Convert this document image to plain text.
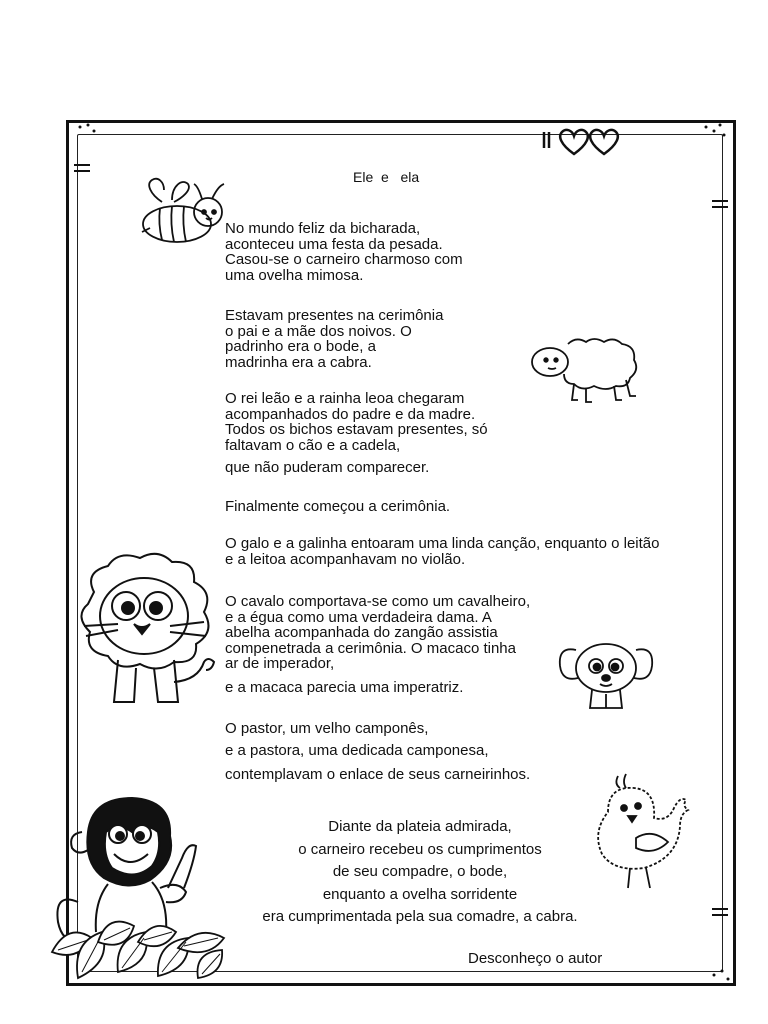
Ele  e   ela
No mundo feliz da bicharada,
aconteceu uma festa da pesada.
Casou-se o carneiro charmoso com
uma ovelha mimosa.
Estavam presentes na cerimônia
o pai e a mãe dos noivos. O
padrinho era o bode, a
madrinha era a cabra.
O rei leão e a rainha leoa chegaram
acompanhados do padre e da madre.
Todos os bichos estavam presentes, só
faltavam o cão e a cadela,
que não puderam comparecer.
Finalmente começou a cerimônia.
O galo e a galinha entoaram uma linda canção, enquanto o leitão
e a leitoa acompanhavam no violão.
O cavalo comportava-se como um cavalheiro,
e a égua como uma verdadeira dama. A
abelha acompanhada do zangão assistia
compenetrada a cerimônia. O macaco tinha
ar de imperador,
e a macaca parecia uma imperatriz.
O pastor, um velho camponês,
e a pastora, uma dedicada camponesa,
contemplavam o enlace de seus carneirinhos.
Diante da plateia admirada,
o carneiro recebeu os cumprimentos
de seu compadre, o bode,
enquanto a ovelha sorridente
era cumprimentada pela sua comadre, a cabra.
Desconheço o autor
